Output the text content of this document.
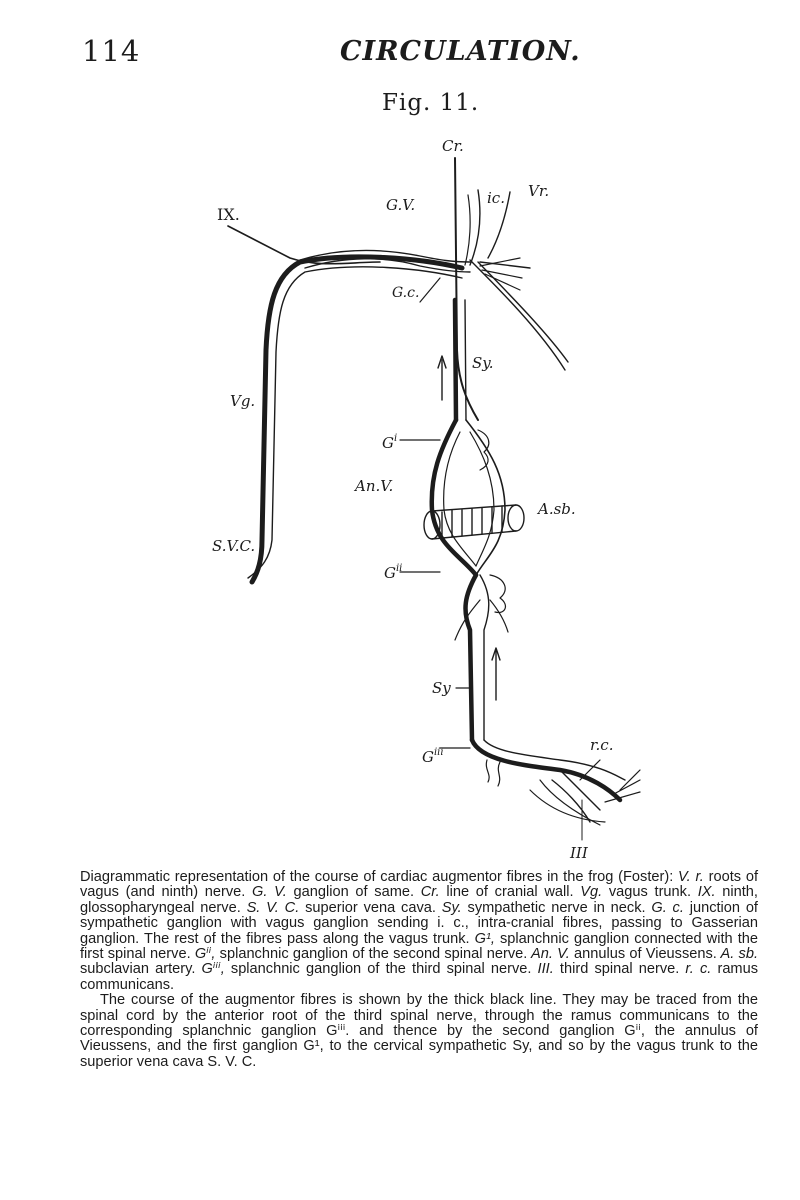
114	CIRCULATION.
Fig. 11.
Cr.
IX.	G.V.	ic. Vr.
G.c.
Vg.
Sy.
S.V.C.
$G^i$
An.V.
A.sb.
$G^{ii}$
Sy
$G^{iii}$	r.c.
III

Diagrammatic representation of the course of cardiac augmentor fibres in the frog (Foster): V. r. roots of vagus (and ninth) nerve. G. V. ganglion of same. Cr. line of cranial wall. Vg. vagus trunk. IX. ninth, glossopharyngeal nerve. S. V. C. superior vena cava. Sy. sympathetic nerve in neck. G. c. junction of sympathetic ganglion with vagus ganglion sending i. c., intra-cranial fibres, passing to Gasserian ganglion. The rest of the fibres pass along the vagus trunk. G¹, splanchnic ganglion connected with the first spinal nerve. Gⁱⁱ, splanchnic ganglion of the second spinal nerve. An. V. annulus of Vieussens. A. sb. subclavian artery. Gⁱⁱⁱ, splanchnic ganglion of the third spinal nerve. III. third spinal nerve. r. c. ramus communicans.

The course of the augmentor fibres is shown by the thick black line. They may be traced from the spinal cord by the anterior root of the third spinal nerve, through the ramus communicans to the corresponding splanchnic ganglion Gⁱⁱⁱ. and thence by the second ganglion Gⁱⁱ, the annulus of Vieussens, and the first ganglion G¹, to the cervical sympathetic Sy, and so by the vagus trunk to the superior vena cava S. V. C.
